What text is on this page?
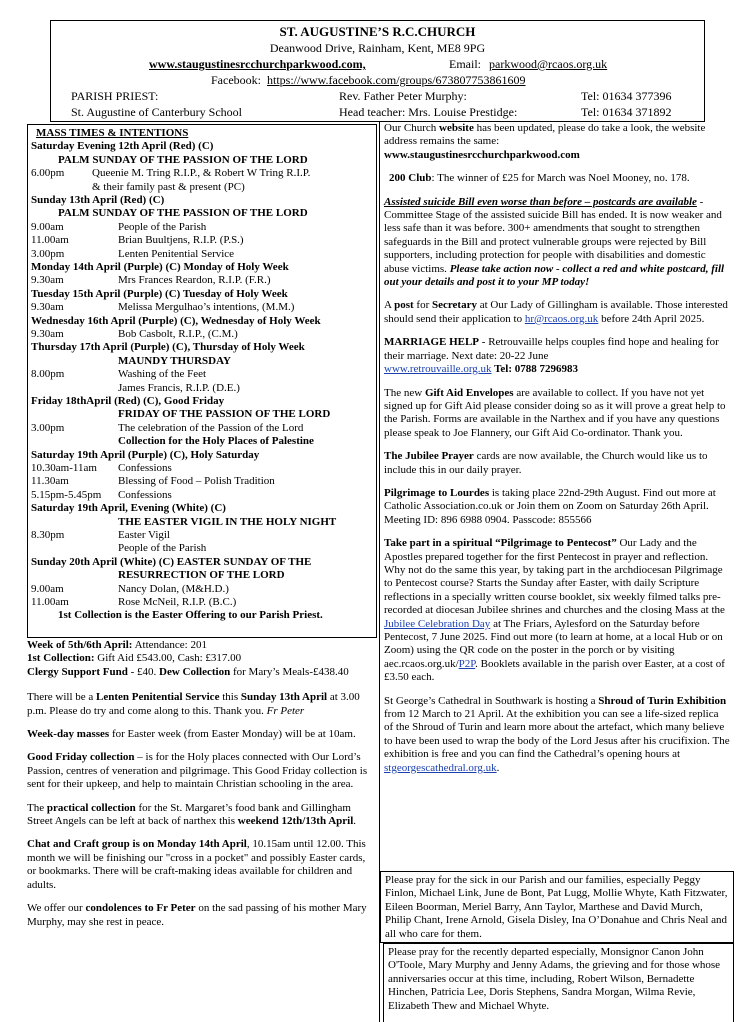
ST. AUGUSTINE’S R.C.CHURCH
Deanwood Drive, Rainham, Kent, ME8 9PG
www.staugustinesrcchurchparkwood.com,	Email: parkwood@rcaos.org.uk
Facebook: https://www.facebook.com/groups/673807753861609
PARISH PRIEST:	Rev. Father Peter Murphy:	Tel: 01634 377396
St. Augustine of Canterbury School	Head teacher: Mrs. Louise Prestidge:	Tel: 01634 371892
MASS TIMES & INTENTIONS
Saturday Evening 12th April (Red) (C)
PALM SUNDAY OF THE PASSION OF THE LORD
6.00pm	Queenie M. Tring R.I.P., & Robert W Tring R.I.P.
& their family past & present (PC)
Sunday 13th April (Red) (C)
PALM SUNDAY OF THE PASSION OF THE LORD
9.00am	People of the Parish
11.00am	Brian Buultjens, R.I.P. (P.S.)
3.00pm	Lenten Penitential Service
Monday 14th April (Purple) (C) Monday of Holy Week
9.30am	Mrs Frances Reardon, R.I.P. (F.R.)
Tuesday 15th April (Purple) (C) Tuesday of Holy Week
9.30am	Melissa Mergulhao’s intentions, (M.M.)
Wednesday 16th April (Purple) (C), Wednesday of Holy Week
9.30am	Bob Casbolt, R.I.P., (C.M.)
Thursday 17th April (Purple) (C), Thursday of Holy Week
MAUNDY THURSDAY
8.00pm	Washing of the Feet
James Francis, R.I.P. (D.E.)
Friday 18thApril (Red) (C), Good Friday
FRIDAY OF THE PASSION OF THE LORD
3.00pm	The celebration of the Passion of the Lord
Collection for the Holy Places of Palestine
Saturday 19th April (Purple) (C), Holy Saturday
10.30am-11am Confessions
11.30am	Blessing of Food – Polish Tradition
5.15pm-5.45pm Confessions
Saturday 19th April, Evening (White) (C)
THE EASTER VIGIL IN THE HOLY NIGHT
8.30pm	Easter Vigil
People of the Parish
Sunday 20th April (White) (C) EASTER SUNDAY OF THE
RESURRECTION OF THE LORD
9.00am	Nancy Dolan, (M&H.D.)
11.00am	Rose McNeil, R.I.P. (B.C.)
1st Collection is the Easter Offering to our Parish Priest.
Week of 5th/6th April: Attendance: 201
1st Collection: Gift Aid £543.00, Cash: £317.00
Clergy Support Fund - £40. Dew Collection for Mary’s Meals-£438.40
There will be a Lenten Penitential Service this Sunday 13th April at 3.00 p.m. Please do try and come along to this. Thank you. Fr Peter
Week-day masses for Easter week (from Easter Monday) will be at 10am.
Good Friday collection – is for the Holy places connected with Our Lord’s Passion, centres of veneration and pilgrimage. This Good Friday collection is sent for their upkeep, and help to maintain Christian schooling in the area.
The practical collection for the St. Margaret’s food bank and Gillingham Street Angels can be left at back of narthex this weekend 12th/13th April.
Chat and Craft group is on Monday 14th April, 10.15am until 12.00. This month we will be finishing our "cross in a pocket" and possibly Easter cards, or bookmarks. There will be craft-making ideas available for children and adults.
We offer our condolences to Fr Peter on the sad passing of his mother Mary Murphy, may she rest in peace.
Our Church website has been updated, please do take a look, the website address remains the same:
www.staugustinesrcchurchparkwood.com
200 Club: The winner of £25 for March was Noel Mooney, no. 178.
Assisted suicide Bill even worse than before – postcards are available - Committee Stage of the assisted suicide Bill has ended. It is now weaker and less safe than it was before. 300+ amendments that sought to strengthen safeguards in the Bill and protect vulnerable groups were rejected by Bill supporters, including protection for people with disabilities and domestic abuse victims. Please take action now - collect a red and white postcard, fill out your details and post it to your MP today!
A post for Secretary at Our Lady of Gillingham is available. Those interested should send their application to hr@rcaos.org.uk before 24th April 2025.
MARRIAGE HELP - Retrouvaille helps couples find hope and healing for their marriage. Next date: 20-22 June
www.retrouvaille.org.uk Tel: 0788 7296983
The new Gift Aid Envelopes are available to collect. If you have not yet signed up for Gift Aid please consider doing so as it will prove a great help to the Parish. Forms are available in the Narthex and if you have any questions please speak to Joe Flannery, our Gift Aid Co-ordinator. Thank you.
The Jubilee Prayer cards are now available, the Church would like us to include this in our daily prayer.
Pilgrimage to Lourdes is taking place 22nd-29th August. Find out more at Catholic Association.co.uk or Join them on Zoom on Saturday 26th April. Meeting ID: 896 6988 0904. Passcode: 855566
Take part in a spiritual “Pilgrimage to Pentecost” Our Lady and the Apostles prepared together for the first Pentecost in prayer and reflection. Why not do the same this year, by taking part in the archdiocesan Pilgrimage to Pentecost course? Starts the Sunday after Easter, with daily Scripture reflections in a specially written course booklet, six weekly filmed talks pre-recorded at diocesan Jubilee shrines and churches and the closing Mass at the Jubilee Celebration Day at The Friars, Aylesford on the Saturday before Pentecost, 7 June 2025. Find out more (to learn at home, at a local Hub or on Zoom) using the QR code on the poster in the porch or by visiting aec.rcaos.org.uk/P2P. Booklets available in the parish over Easter, at a cost of £3.50 each.
St George’s Cathedral in Southwark is hosting a Shroud of Turin Exhibition from 12 March to 21 April. At the exhibition you can see a life-sized replica of the Shroud of Turin and learn more about the artefact, which many believe to have been used to wrap the body of the Lord Jesus after his crucifixion. The exhibition is free and you can find the Cathedral’s opening hours at stgeorgescathedral.org.uk.
Please pray for the sick in our Parish and our families, especially Peggy Finlon, Michael Link, June de Bont, Pat Lugg, Mollie Whyte, Kath Fitzwater, Eileen Boorman, Meriel Barry, Ann Taylor, Marthese and David Murch, Philip Chant, Irene Arnold, Gisela Disley, Ina O’Donahue and Chris Neal and all who care for them.
Please pray for the recently departed especially, Monsignor Canon John O'Toole, Mary Murphy and Jenny Adams, the grieving and for those whose anniversaries occur at this time, including, Robert Wilson, Bernadette Hinchen, Patricia Lee, Doris Stephens, Sandra Morgan, Wilma Revie, Elizabeth Thew and Michael Whyte.
